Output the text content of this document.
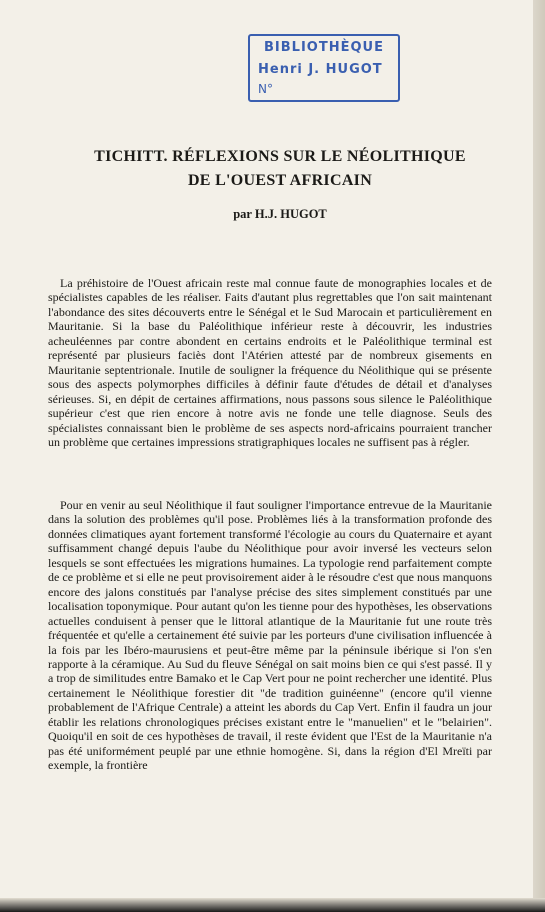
BIBLIOTHÈQUE
Henri J. HUGOT
N°
TICHITT. RÉFLEXIONS SUR LE NÉOLITHIQUE
DE L'OUEST AFRICAIN
par H.J. HUGOT

La préhistoire de l'Ouest africain reste mal connue faute de monographies locales et de spécialistes capables de les réaliser. Faits d'autant plus regrettables que l'on sait maintenant l'abondance des sites découverts entre le Sénégal et le Sud Marocain et particulièrement en Mauritanie. Si la base du Paléolithique inférieur reste à découvrir, les industries acheuléennes par contre abondent en certains endroits et le Paléolithique terminal est représenté par plusieurs faciès dont l'Atérien attesté par de nombreux gisements en Mauritanie septentrionale. Inutile de souligner la fréquence du Néolithique qui se présente sous des aspects polymorphes difficiles à définir faute d'études de détail et d'analyses sérieuses. Si, en dépit de certaines affirmations, nous passons sous silence le Paléolithique supérieur c'est que rien encore à notre avis ne fonde une telle diagnose. Seuls des spécialistes connaissant bien le problème de ses aspects nord-africains pourraient trancher un problème que certaines impressions stratigraphiques locales ne suffisent pas à régler.

Pour en venir au seul Néolithique il faut souligner l'importance entrevue de la Mauritanie dans la solution des problèmes qu'il pose. Problèmes liés à la transformation profonde des données climatiques ayant fortement transformé l'écologie au cours du Quaternaire et ayant suffisamment changé depuis l'aube du Néolithique pour avoir inversé les vecteurs selon lesquels se sont effectuées les migrations humaines. La typologie rend parfaitement compte de ce problème et si elle ne peut provisoirement aider à le résoudre c'est que nous manquons encore des jalons constitués par l'analyse précise des sites simplement constitués par une localisation toponymique. Pour autant qu'on les tienne pour des hypothèses, les observations actuelles conduisent à penser que le littoral atlantique de la Mauritanie fut une route très fréquentée et qu'elle a certainement été suivie par les porteurs d'une civilisation influencée à la fois par les Ibéro-maurusiens et peut-être même par la péninsule ibérique si l'on s'en rapporte à la céramique. Au Sud du fleuve Sénégal on sait moins bien ce qui s'est passé. Il y a trop de similitudes entre Bamako et le Cap Vert pour ne point rechercher une identité. Plus certainement le Néolithique forestier dit "de tradition guinéenne" (encore qu'il vienne probablement de l'Afrique Centrale) a atteint les abords du Cap Vert. Enfin il faudra un jour établir les relations chronologiques précises existant entre le "manuelien" et le "belairien". Quoiqu'il en soit de ces hypothèses de travail, il reste évident que l'Est de la Mauritanie n'a pas été uniformément peuplé par une ethnie homogène. Si, dans la région d'El Mreïti par exemple, la frontière
